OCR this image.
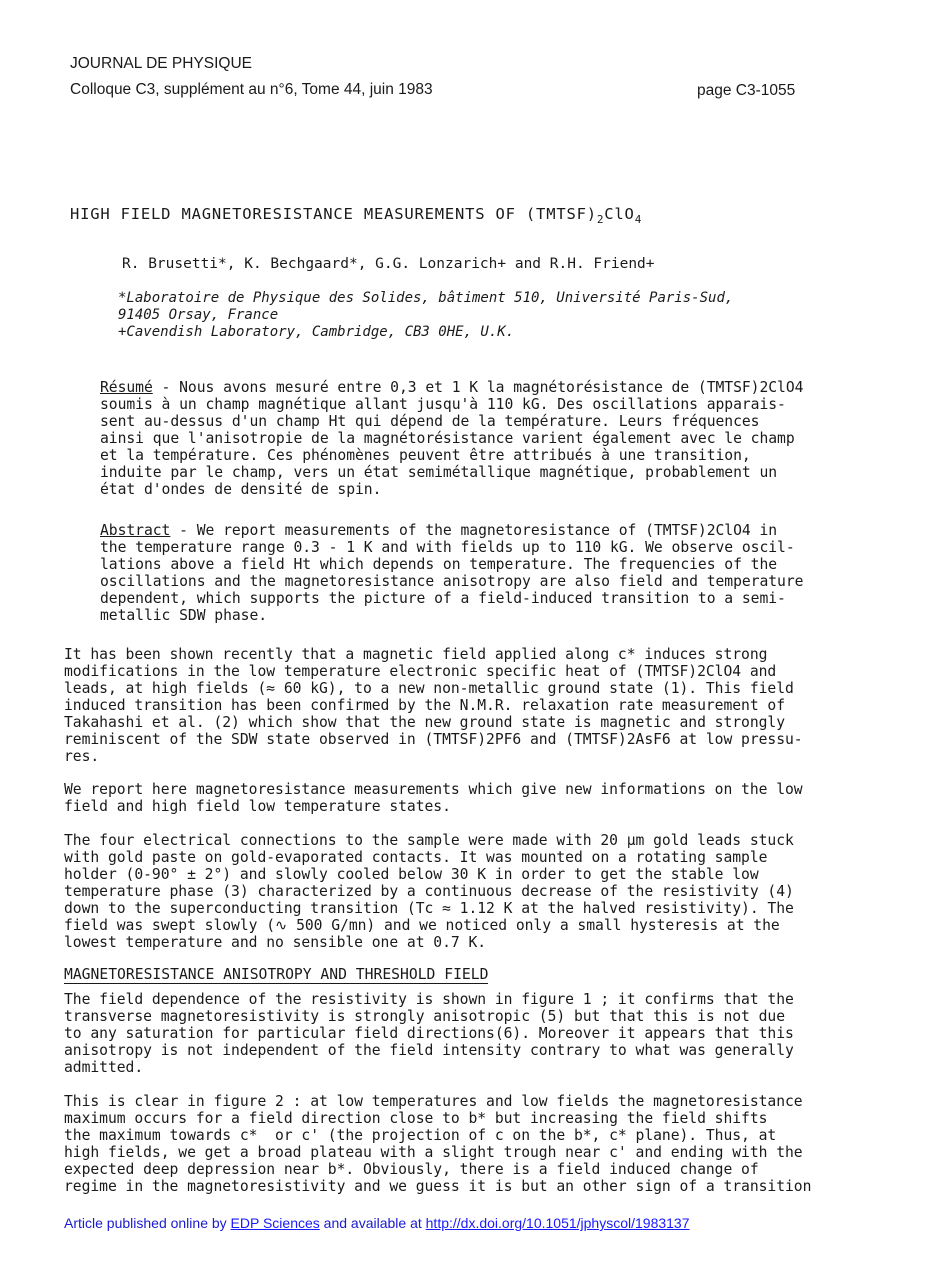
JOURNAL DE PHYSIQUE
Colloque C3, supplément au n°6, Tome 44, juin 1983	page C3-1055
HIGH FIELD MAGNETORESISTANCE MEASUREMENTS OF $(TMTSF)_2ClO_4$
R. Brusetti*, K. Bechgaard*, G.G. Lonzarich+ and R.H. Friend+
*Laboratoire de Physique des Solides, bâtiment 510, Université Paris-Sud,
91405 Orsay, France
+Cavendish Laboratory, Cambridge, CB3 0HE, U.K.
Résumé - Nous avons mesuré entre 0,3 et 1 K la magnétorésistance de (TMTSF)2ClO4
soumis à un champ magnétique allant jusqu'à 110 kG. Des oscillations apparais-
sent au-dessus d'un champ Ht qui dépend de la température. Leurs fréquences
ainsi que l'anisotropie de la magnétorésistance varient également avec le champ
et la température. Ces phénomènes peuvent être attribués à une transition,
induite par le champ, vers un état semimétallique magnétique, probablement un
état d'ondes de densité de spin.
Abstract - We report measurements of the magnetoresistance of (TMTSF)2ClO4 in
the temperature range 0.3 - 1 K and with fields up to 110 kG. We observe oscil-
lations above a field Ht which depends on temperature. The frequencies of the
oscillations and the magnetoresistance anisotropy are also field and temperature
dependent, which supports the picture of a field-induced transition to a semi-
metallic SDW phase.
It has been shown recently that a magnetic field applied along c* induces strong
modifications in the low temperature electronic specific heat of (TMTSF)2ClO4 and
leads, at high fields (≈ 60 kG), to a new non-metallic ground state (1). This field
induced transition has been confirmed by the N.M.R. relaxation rate measurement of
Takahashi et al. (2) which show that the new ground state is magnetic and strongly
reminiscent of the SDW state observed in (TMTSF)2PF6 and (TMTSF)2AsF6 at low pressu-
res.
We report here magnetoresistance measurements which give new informations on the low
field and high field low temperature states.
The four electrical connections to the sample were made with 20 µm gold leads stuck
with gold paste on gold-evaporated contacts. It was mounted on a rotating sample
holder (0-90° ± 2°) and slowly cooled below 30 K in order to get the stable low
temperature phase (3) characterized by a continuous decrease of the resistivity (4)
down to the superconducting transition (Tc ≈ 1.12 K at the halved resistivity). The
field was swept slowly (∿ 500 G/mn) and we noticed only a small hysteresis at the
lowest temperature and no sensible one at 0.7 K.
MAGNETORESISTANCE ANISOTROPY AND THRESHOLD FIELD
The field dependence of the resistivity is shown in figure 1 ; it confirms that the
transverse magnetoresistivity is strongly anisotropic (5) but that this is not due
to any saturation for particular field directions(6). Moreover it appears that this
anisotropy is not independent of the field intensity contrary to what was generally
admitted.
This is clear in figure 2 : at low temperatures and low fields the magnetoresistance
maximum occurs for a field direction close to b* but increasing the field shifts
the maximum towards c*  or c' (the projection of c on the b*, c* plane). Thus, at
high fields, we get a broad plateau with a slight trough near c' and ending with the
expected deep depression near b*. Obviously, there is a field induced change of
regime in the magnetoresistivity and we guess it is but an other sign of a transition
Article published online by EDP Sciences and available at http://dx.doi.org/10.1051/jphyscol/1983137
